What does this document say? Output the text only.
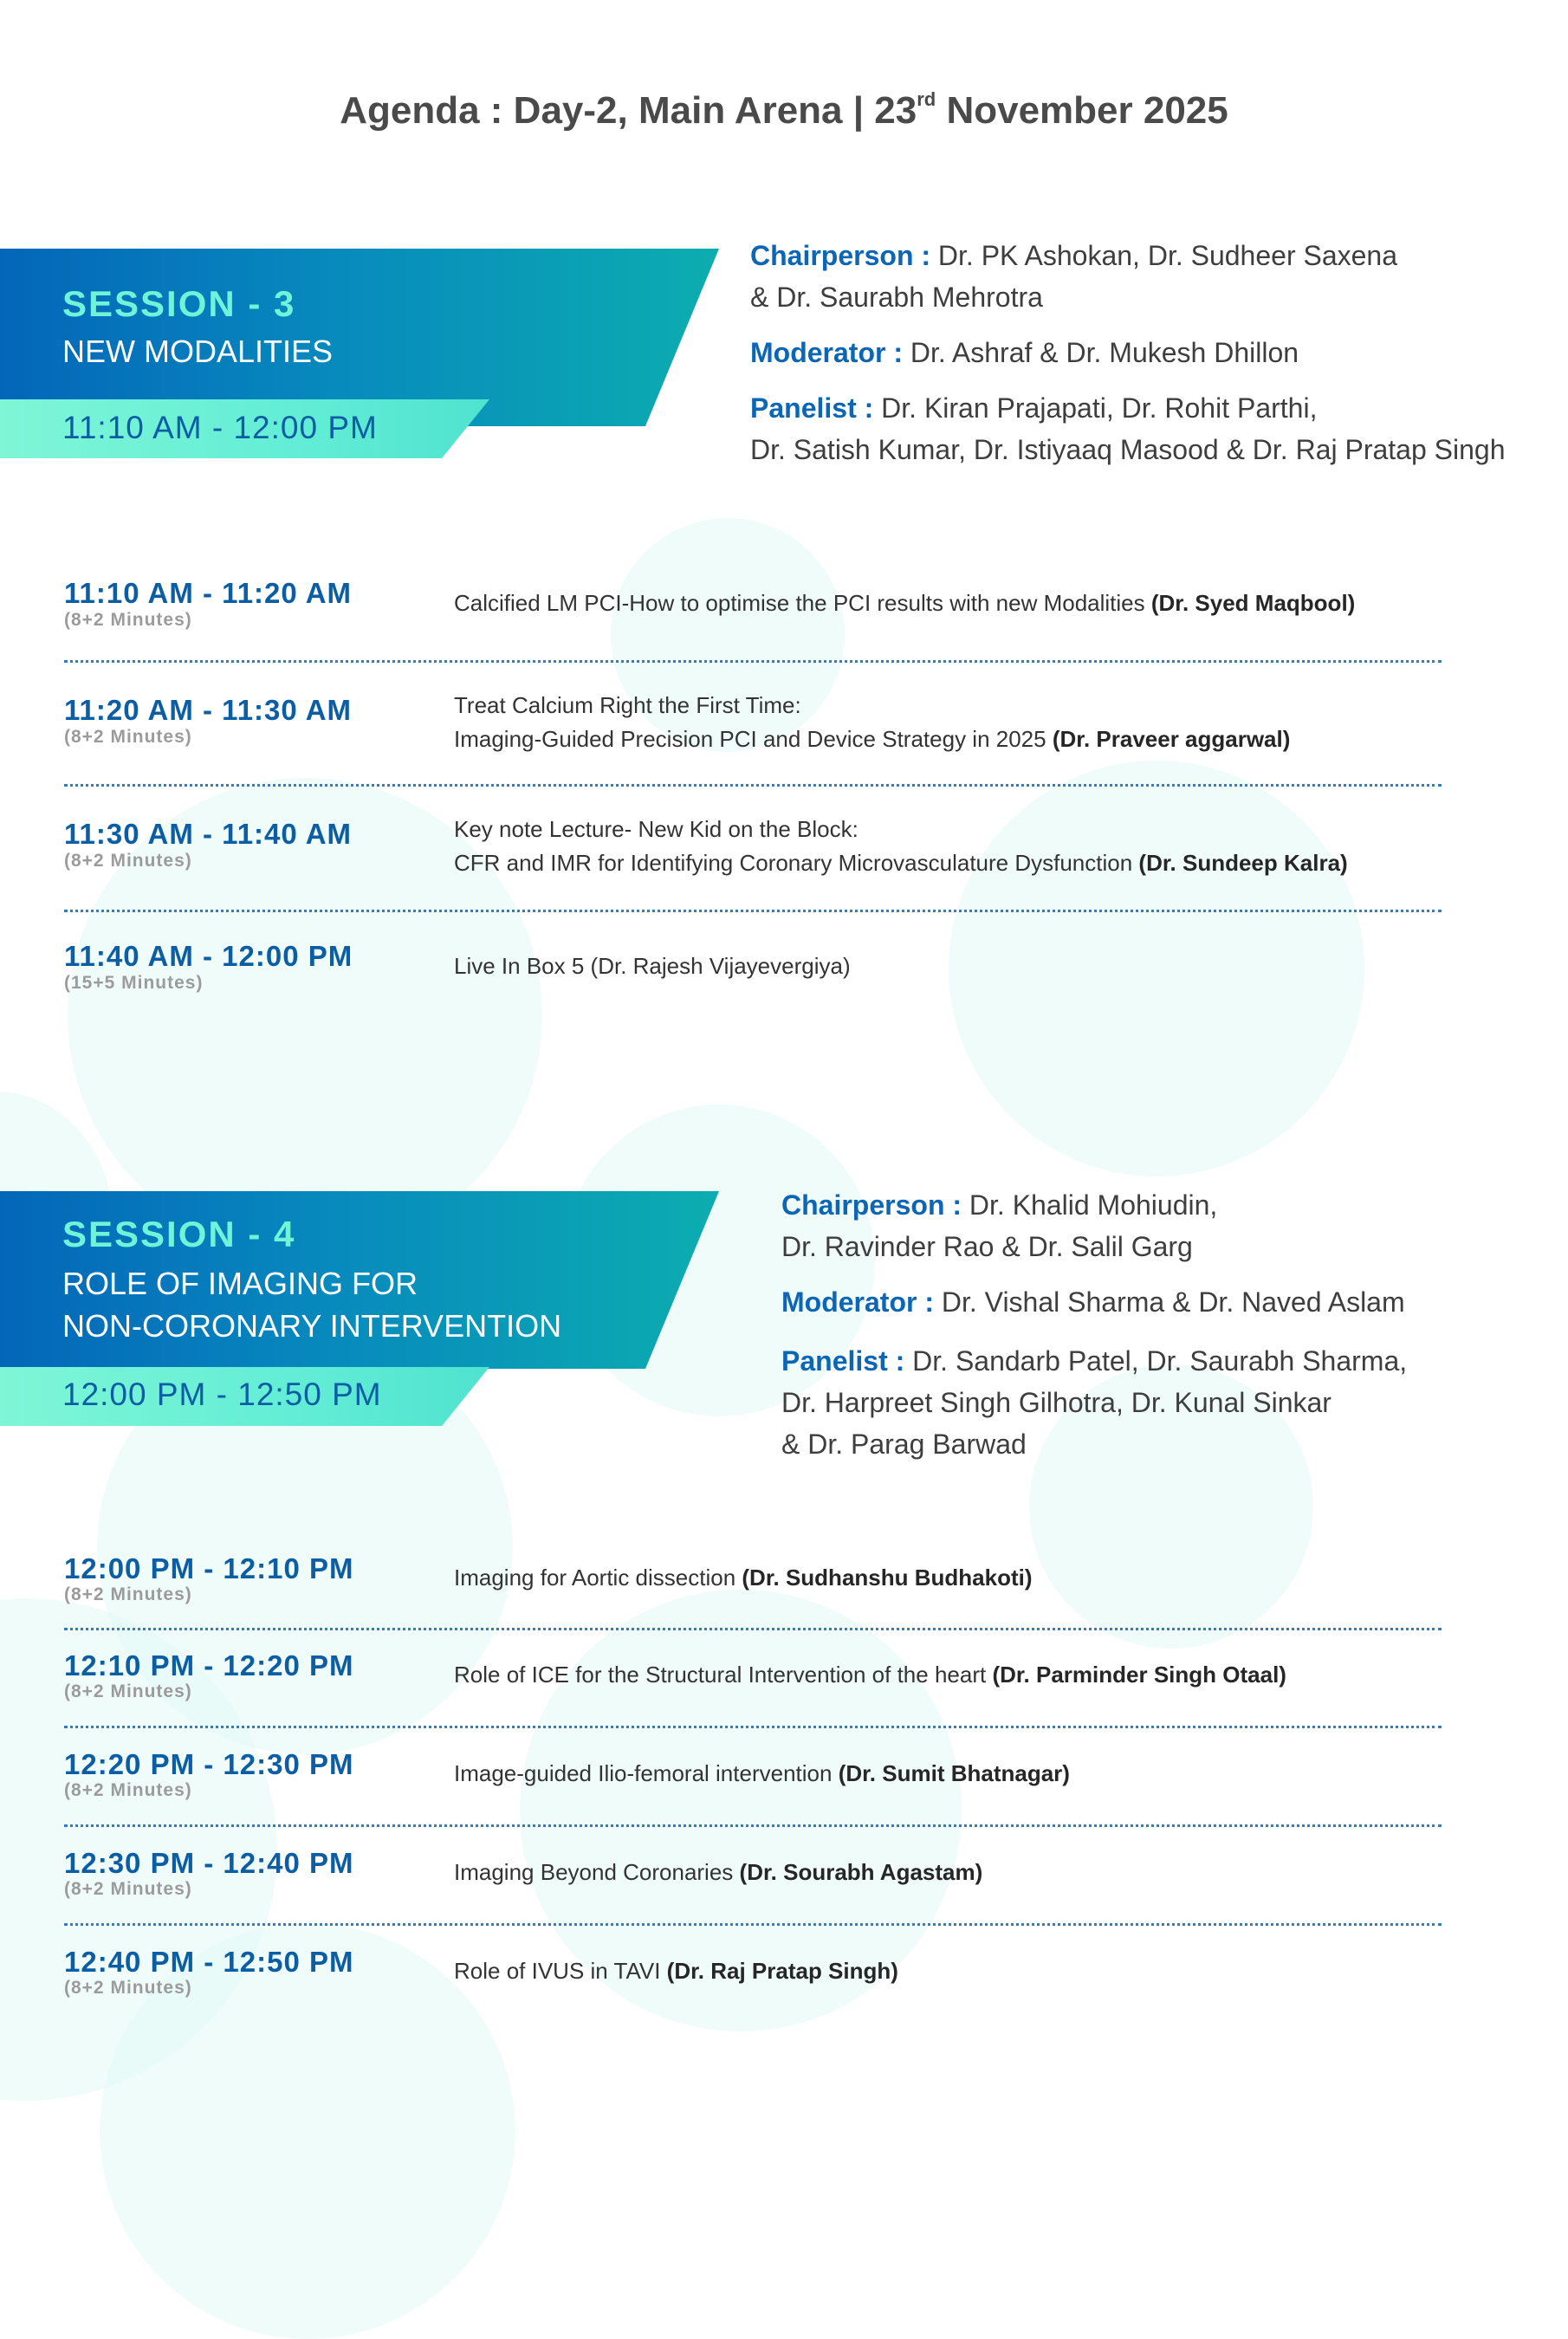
Agenda : Day-2, Main Arena | 23rd November 2025
SESSION - 3
NEW MODALITIES
11:10 AM - 12:00 PM
Chairperson : Dr. PK Ashokan, Dr. Sudheer Saxena
& Dr. Saurabh Mehrotra
Moderator : Dr. Ashraf & Dr. Mukesh Dhillon
Panelist : Dr. Kiran Prajapati, Dr. Rohit Parthi,
Dr. Satish Kumar, Dr. Istiyaaq Masood & Dr. Raj Pratap Singh
11:10 AM - 11:20 AM
(8+2 Minutes)
Calcified LM PCI-How to optimise the PCI results with new Modalities (Dr. Syed Maqbool)
11:20 AM - 11:30 AM
(8+2 Minutes)
Treat Calcium Right the First Time:
Imaging-Guided Precision PCI and Device Strategy in 2025 (Dr. Praveer aggarwal)
11:30 AM - 11:40 AM
(8+2 Minutes)
Key note Lecture- New Kid on the Block:
CFR and IMR for Identifying Coronary Microvasculature Dysfunction (Dr. Sundeep Kalra)
11:40 AM - 12:00 PM
(15+5 Minutes)
Live In Box 5 (Dr. Rajesh Vijayevergiya)
SESSION - 4
ROLE OF IMAGING FOR
NON-CORONARY INTERVENTION
12:00 PM - 12:50 PM
Chairperson : Dr. Khalid Mohiudin,
Dr. Ravinder Rao & Dr. Salil Garg
Moderator : Dr. Vishal Sharma & Dr. Naved Aslam
Panelist : Dr. Sandarb Patel, Dr. Saurabh Sharma,
Dr. Harpreet Singh Gilhotra, Dr. Kunal Sinkar
& Dr. Parag Barwad
12:00 PM - 12:10 PM
(8+2 Minutes)
Imaging for Aortic dissection (Dr. Sudhanshu Budhakoti)
12:10 PM - 12:20 PM
(8+2 Minutes)
Role of ICE for the Structural Intervention of the heart (Dr. Parminder Singh Otaal)
12:20 PM - 12:30 PM
(8+2 Minutes)
Image-guided Ilio-femoral intervention (Dr. Sumit Bhatnagar)
12:30 PM - 12:40 PM
(8+2 Minutes)
Imaging Beyond Coronaries (Dr. Sourabh Agastam)
12:40 PM - 12:50 PM
(8+2 Minutes)
Role of IVUS in TAVI (Dr. Raj Pratap Singh)
